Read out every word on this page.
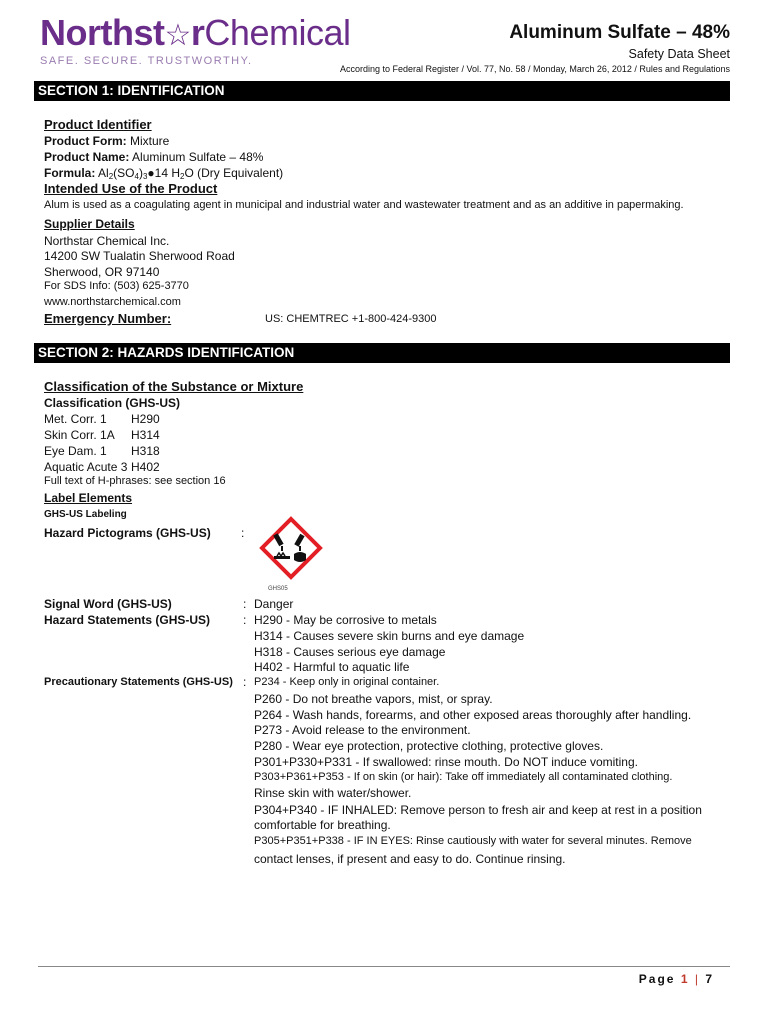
Northst☆rChemical
SAFE. SECURE. TRUSTWORTHY.
Aluminum Sulfate – 48%
Safety Data Sheet
According to Federal Register / Vol. 77, No. 58 / Monday, March 26, 2012 / Rules and Regulations
SECTION 1: IDENTIFICATION
Product Identifier
Product Form: Mixture
Product Name: Aluminum Sulfate – 48%
Formula: $Al_2(SO_4)_3●14$ $H_2O$ (Dry Equivalent)
Intended Use of the Product
Alum is used as a coagulating agent in municipal and industrial water and wastewater treatment and as an additive in papermaking.
Supplier Details
Northstar Chemical Inc.
14200 SW Tualatin Sherwood Road
Sherwood, OR 97140
For SDS Info: (503) 625-3770
www.northstarchemical.com
Emergency Number:	US: CHEMTREC +1-800-424-9300
SECTION 2: HAZARDS IDENTIFICATION
Classification of the Substance or Mixture
Classification (GHS-US)
Met. Corr. 1 H290
Skin Corr. 1A H314
Eye Dam. 1 H318
Aquatic Acute 3 H402
Full text of H-phrases: see section 16
Label Elements
GHS-US Labeling
Hazard Pictograms (GHS-US)	:
GHS05
Signal Word (GHS-US)	: Danger
Hazard Statements (GHS-US)	: H290 - May be corrosive to metals
H314 - Causes severe skin burns and eye damage
H318 - Causes serious eye damage
H402 - Harmful to aquatic life
Precautionary Statements (GHS-US) : P234 - Keep only in original container.
P260 - Do not breathe vapors, mist, or spray.
P264 - Wash hands, forearms, and other exposed areas thoroughly after handling.
P273 - Avoid release to the environment.
P280 - Wear eye protection, protective clothing, protective gloves.
P301+P330+P331 - If swallowed: rinse mouth. Do NOT induce vomiting.
P303+P361+P353 - If on skin (or hair): Take off immediately all contaminated clothing.
Rinse skin with water/shower.
P304+P340 - IF INHALED: Remove person to fresh air and keep at rest in a position
comfortable for breathing.
P305+P351+P338 - IF IN EYES: Rinse cautiously with water for several minutes. Remove
contact lenses, if present and easy to do. Continue rinsing.
Page 1 | 7
